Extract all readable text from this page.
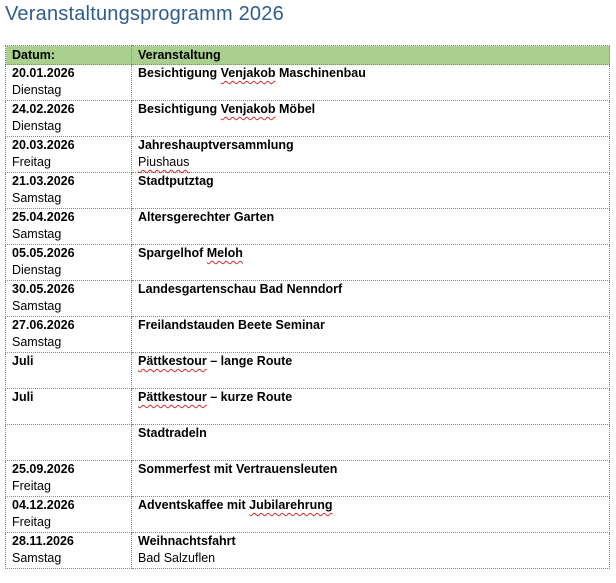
Veranstaltungsprogramm 2026
Datum:	Veranstaltung

20.01.2026
Dienstag	Besichtigung Venjakob Maschinenbau

24.02.2026
Dienstag	Besichtigung Venjakob Möbel

20.03.2026
Freitag	Jahreshauptversammlung
Piushaus

21.03.2026
Samstag	Stadtputztag

25.04.2026
Samstag	Altersgerechter Garten

05.05.2026
Dienstag	Spargelhof Meloh

30.05.2026
Samstag	Landesgartenschau Bad Nenndorf

27.06.2026
Samstag	Freilandstauden Beete Seminar

Juli	Pättkestour – lange Route

Juli	Pättkestour – kurze Route

	Stadtradeln

25.09.2026
Freitag	Sommerfest mit Vertrauensleuten

04.12.2026
Freitag	Adventskaffee mit Jubilarehrung

28.11.2026
Samstag	Weihnachtsfahrt
Bad Salzuflen
